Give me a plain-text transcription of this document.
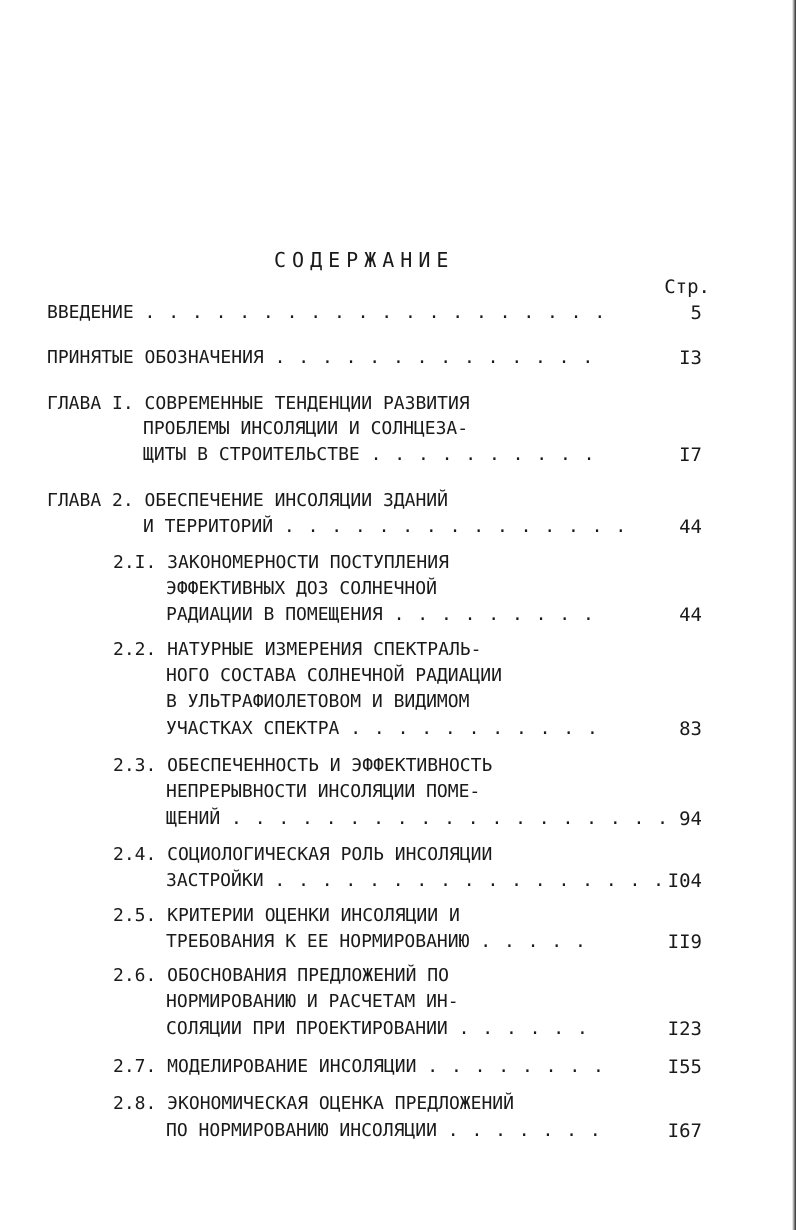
СОДЕРЖАНИЕ
Стр.
ВВЕДЕНИЕ . . . . . . . . . . . . . . . . . . . .	5
ПРИНЯТЫЕ ОБОЗНАЧЕНИЯ . . . . . . . . . . . . . .	I3
ГЛАВА I. СОВРЕМЕННЫЕ ТЕНДЕНЦИИ РАЗВИТИЯ
ПРОБЛЕМЫ ИНСОЛЯЦИИ И СОЛНЦЕЗА-
ЩИТЫ В СТРОИТЕЛЬСТВЕ . . . . . . . . . .	I7
ГЛАВА 2. ОБЕСПЕЧЕНИЕ ИНСОЛЯЦИИ ЗДАНИЙ
И ТЕРРИТОРИЙ . . . . . . . . . . . . . . .	44
2.I. ЗАКОНОМЕРНОСТИ ПОСТУПЛЕНИЯ
ЭФФЕКТИВНЫХ ДОЗ СОЛНЕЧНОЙ
РАДИАЦИИ В ПОМЕЩЕНИЯ . . . . . . . . .	44
2.2. НАТУРНЫЕ ИЗМЕРЕНИЯ СПЕКТРАЛЬ-
НОГО СОСТАВА СОЛНЕЧНОЙ РАДИАЦИИ
В УЛЬТРАФИОЛЕТОВОМ И ВИДИМОМ
УЧАСТКАХ СПЕКТРА . . . . . . . . . . .	83
2.3. ОБЕСПЕЧЕННОСТЬ И ЭФФЕКТИВНОСТЬ
НЕПРЕРЫВНОСТИ ИНСОЛЯЦИИ ПОМЕ-
ЩЕНИЙ . . . . . . . . . . . . . . . . . . . 94
2.4. СОЦИОЛОГИЧЕСКАЯ РОЛЬ ИНСОЛЯЦИИ
ЗАСТРОЙКИ . . . . . . . . . . . . . . . . . I04
2.5. КРИТЕРИИ ОЦЕНКИ ИНСОЛЯЦИИ И
ТРЕБОВАНИЯ К ЕЕ НОРМИРОВАНИЮ . . . . .	II9
2.6. ОБОСНОВАНИЯ ПРЕДЛОЖЕНИЙ ПО
НОРМИРОВАНИЮ И РАСЧЕТАМ ИН-
СОЛЯЦИИ ПРИ ПРОЕКТИРОВАНИИ . . . . . .	I23
2.7. МОДЕЛИРОВАНИЕ ИНСОЛЯЦИИ . . . . . . . .	I55
2.8. ЭКОНОМИЧЕСКАЯ ОЦЕНКА ПРЕДЛОЖЕНИЙ
ПО НОРМИРОВАНИЮ ИНСОЛЯЦИИ . . . . . . .	I67
